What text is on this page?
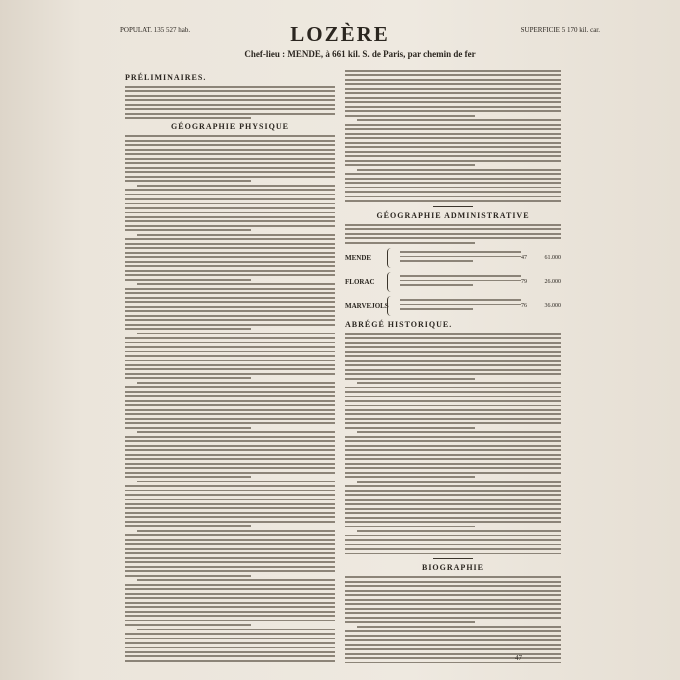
POPULAT. 135 527 hab.	SUPERFICIE 5 170 kil. car.
LOZÈRE
Chef-lieu : MENDE, à 661 kil. S. de Paris, par chemin de fer
PRÉLIMINAIRES.
GÉOGRAPHIE PHYSIQUE
GÉOGRAPHIE ADMINISTRATIVE
MENDE	47	61.000
FLORAC	79	26.000
MARVEJOLS	76	36.000
ABRÉGÉ HISTORIQUE.
BIOGRAPHIE
47
